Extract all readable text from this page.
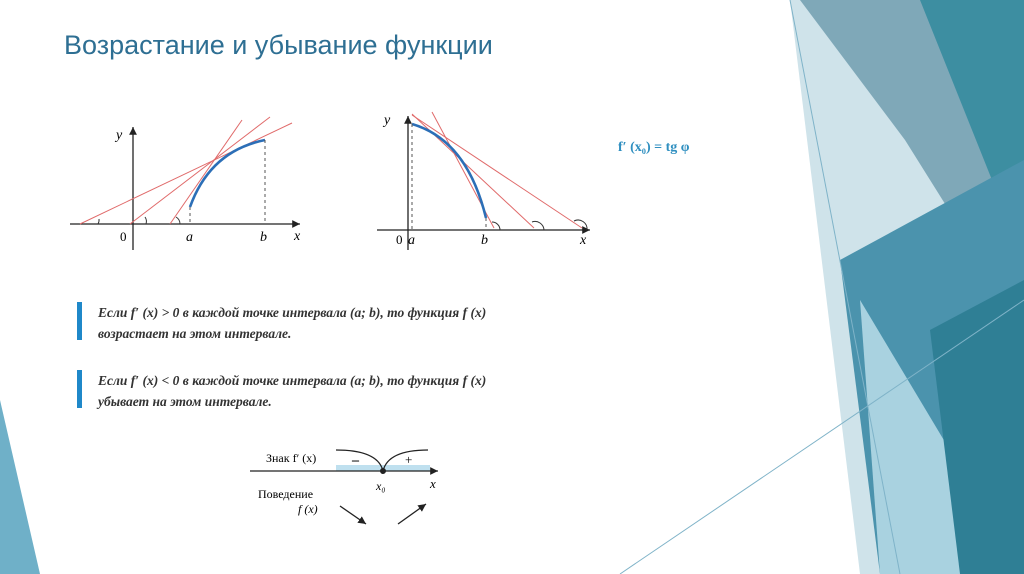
Возрастание и убывание функции
y
x
0	a	b
y
x
0 a	b
f′ (x₀) = tg φ
Если f′ (x) > 0 в каждой точке интервала (a; b), то функция f (x)
возрастает на этом интервале.
Если f′ (x) < 0 в каждой точке интервала (a; b), то функция f (x)
убывает на этом интервале.
Знак f′ (x)	–	+
x₀	x
Поведение
f (x)
